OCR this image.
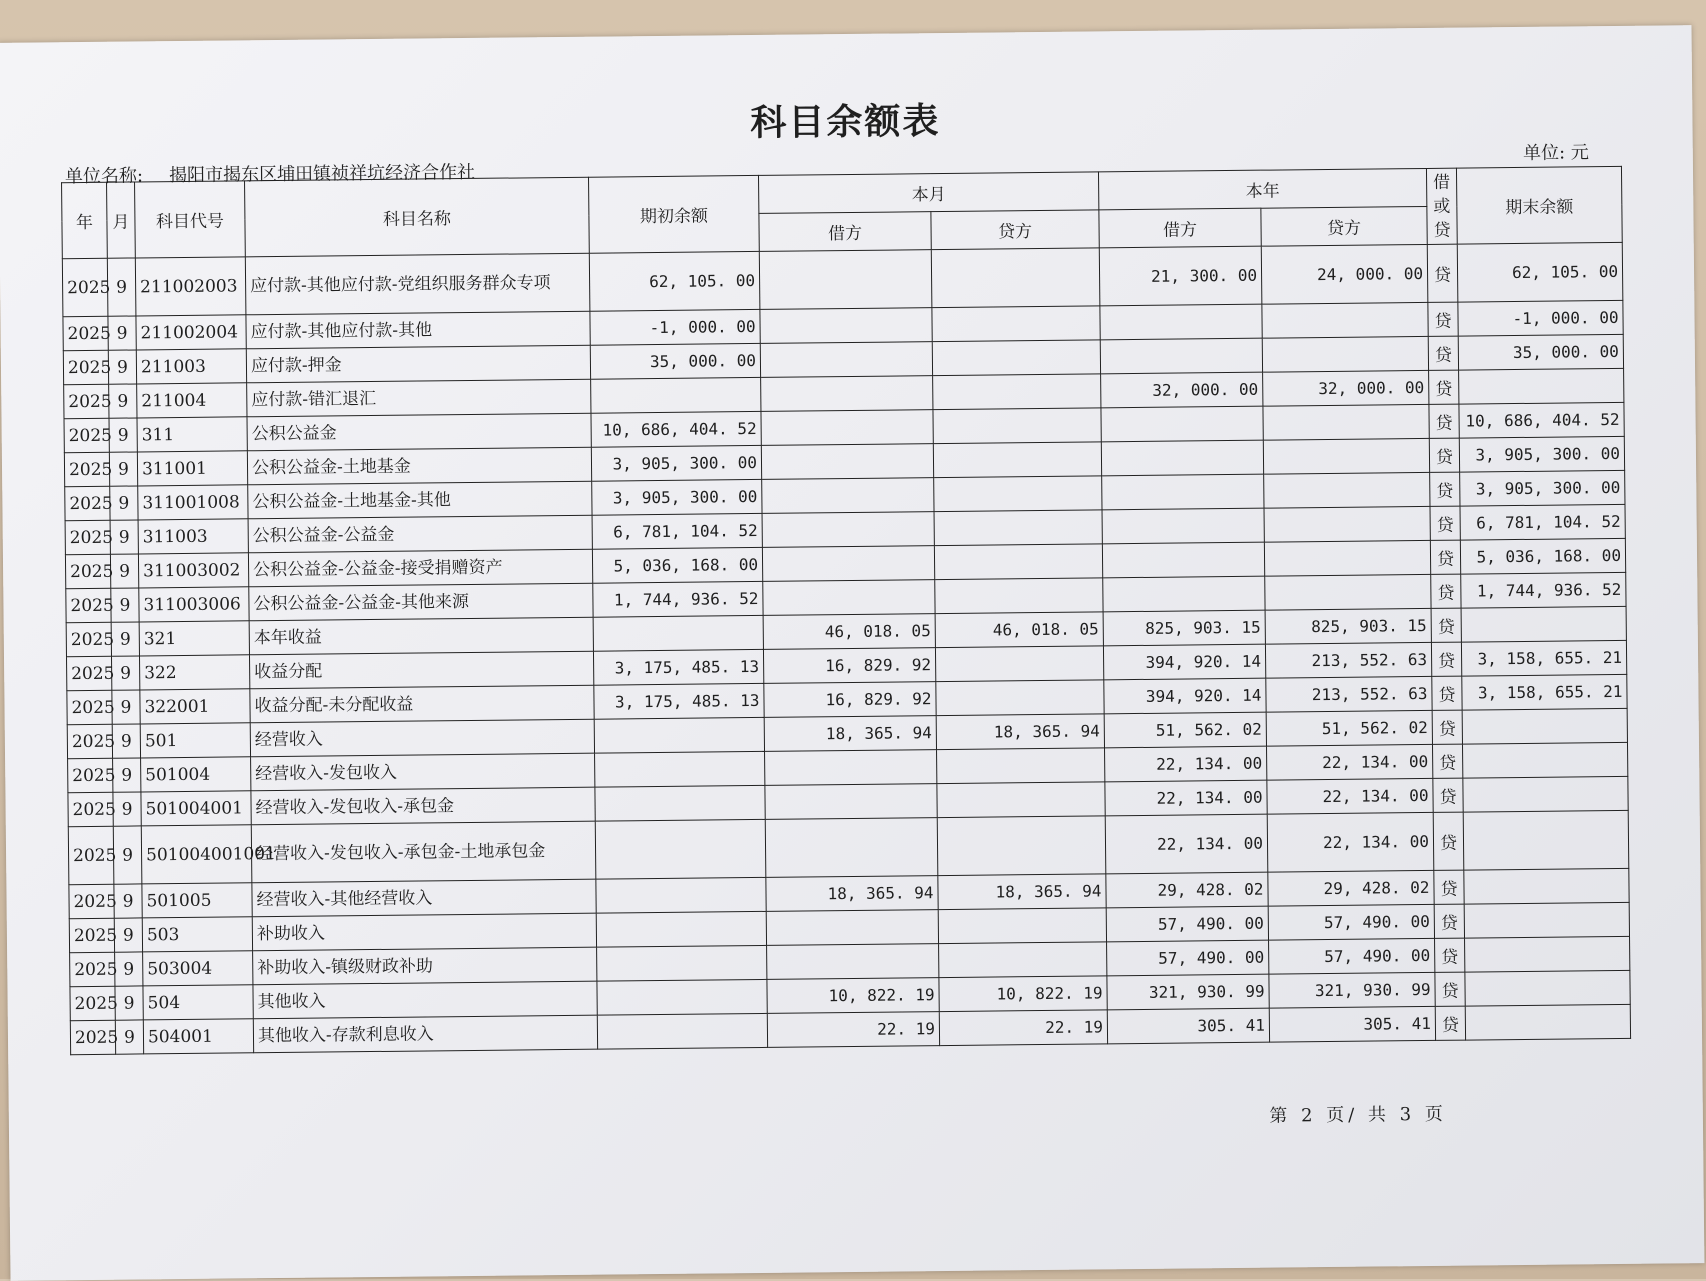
科目余额表
单位名称: 揭阳市揭东区埔田镇祯祥坑经济合作社
单位: 元
年	月	科目代号	科目名称	期初余额	本月		本年		借或贷	期末余额
					借方	贷方	借方	贷方		
2025	9	211002003	应付款-其他应付款-党组织服务群众专项	62, 105. 00			21, 300. 00	24, 000. 00	贷	62, 105. 00
2025	9	211002004	应付款-其他应付款-其他	-1, 000. 00					贷	-1, 000. 00
2025	9	211003	应付款-押金	35, 000. 00					贷	35, 000. 00
2025	9	211004	应付款-错汇退汇				32, 000. 00	32, 000. 00	贷	
2025	9	311	公积公益金	10, 686, 404. 52					贷	10, 686, 404. 52
2025	9	311001	公积公益金-土地基金	3, 905, 300. 00					贷	3, 905, 300. 00
2025	9	311001008	公积公益金-土地基金-其他	3, 905, 300. 00					贷	3, 905, 300. 00
2025	9	311003	公积公益金-公益金	6, 781, 104. 52					贷	6, 781, 104. 52
2025	9	311003002	公积公益金-公益金-接受捐赠资产	5, 036, 168. 00					贷	5, 036, 168. 00
2025	9	311003006	公积公益金-公益金-其他来源	1, 744, 936. 52					贷	1, 744, 936. 52
2025	9	321	本年收益		46, 018. 05	46, 018. 05	825, 903. 15	825, 903. 15	贷	
2025	9	322	收益分配	3, 175, 485. 13	16, 829. 92		394, 920. 14	213, 552. 63	贷	3, 158, 655. 21
2025	9	322001	收益分配-未分配收益	3, 175, 485. 13	16, 829. 92		394, 920. 14	213, 552. 63	贷	3, 158, 655. 21
2025	9	501	经营收入		18, 365. 94	18, 365. 94	51, 562. 02	51, 562. 02	贷	
2025	9	501004	经营收入-发包收入				22, 134. 00	22, 134. 00	贷	
2025	9	501004001	经营收入-发包收入-承包金				22, 134. 00	22, 134. 00	贷	
2025	9	501004001001	经营收入-发包收入-承包金-土地承包金				22, 134. 00	22, 134. 00	贷	
2025	9	501005	经营收入-其他经营收入		18, 365. 94	18, 365. 94	29, 428. 02	29, 428. 02	贷	
2025	9	503	补助收入				57, 490. 00	57, 490. 00	贷	
2025	9	503004	补助收入-镇级财政补助				57, 490. 00	57, 490. 00	贷	
2025	9	504	其他收入		10, 822. 19	10, 822. 19	321, 930. 99	321, 930. 99	贷	
2025	9	504001	其他收入-存款利息收入		22. 19	22. 19	305. 41	305. 41	贷	
第 2 页/ 共 3 页
